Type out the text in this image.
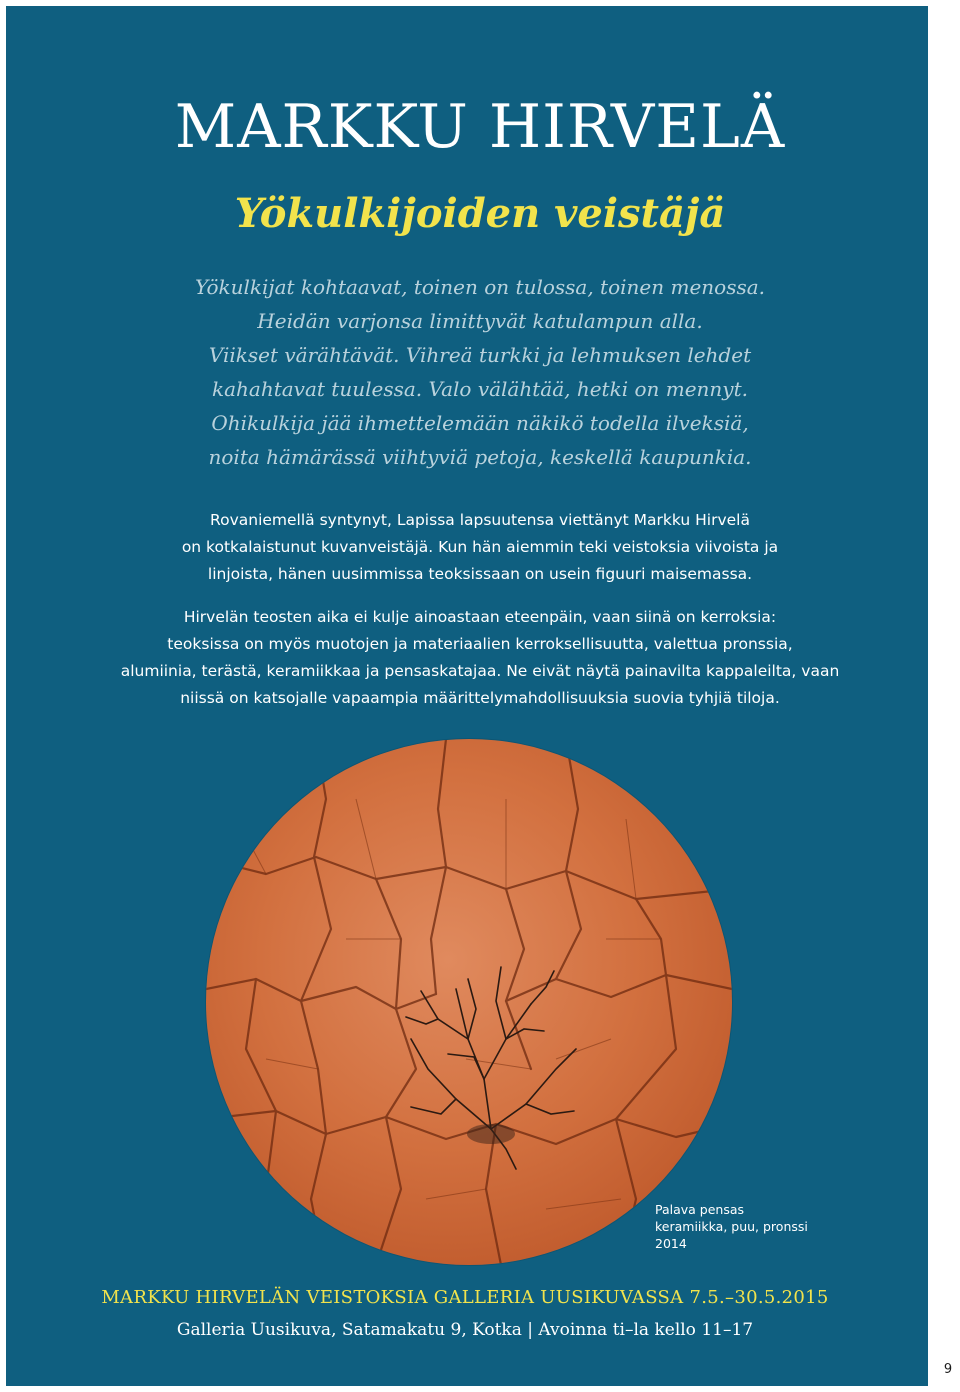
MARKKU HIRVELÄ
Yökulkijoiden veistäjä
Yökulkijat kohtaavat, toinen on tulossa, toinen menossa.
Heidän varjonsa limittyvät katulampun alla.
Viikset värähtävät. Vihreä turkki ja lehmuksen lehdet
kahahtavat tuulessa. Valo välähtää, hetki on mennyt.
Ohikulkija jää ihmettelemään näkikö todella ilveksiä,
noita hämärässä viihtyviä petoja, keskellä kaupunkia.
Rovaniemellä syntynyt, Lapissa lapsuutensa viettänyt Markku Hirvelä
on kotkalaistunut kuvanveistäjä. Kun hän aiemmin teki veistoksia viivoista ja
linjoista, hänen uusimmissa teoksissaan on usein figuuri maisemassa.
Hirvelän teosten aika ei kulje ainoastaan eteenpäin, vaan siinä on kerroksia:
teoksissa on myös muotojen ja materiaalien kerroksellisuutta, valettua pronssia,
alumiinia, terästä, keramiikkaa ja pensaskatajaa. Ne eivät näytä painavilta kappaleilta, vaan
niissä on katsojalle vapaampia määrittelymahdollisuuksia suovia tyhjiä tiloja.
Palava pensas
keramiikka, puu, pronssi
2014
MARKKU HIRVELÄN VEISTOKSIA GALLERIA UUSIKUVASSA 7.5.–30.5.2015
Galleria Uusikuva, Satamakatu 9, Kotka | Avoinna ti–la kello 11–17
9
